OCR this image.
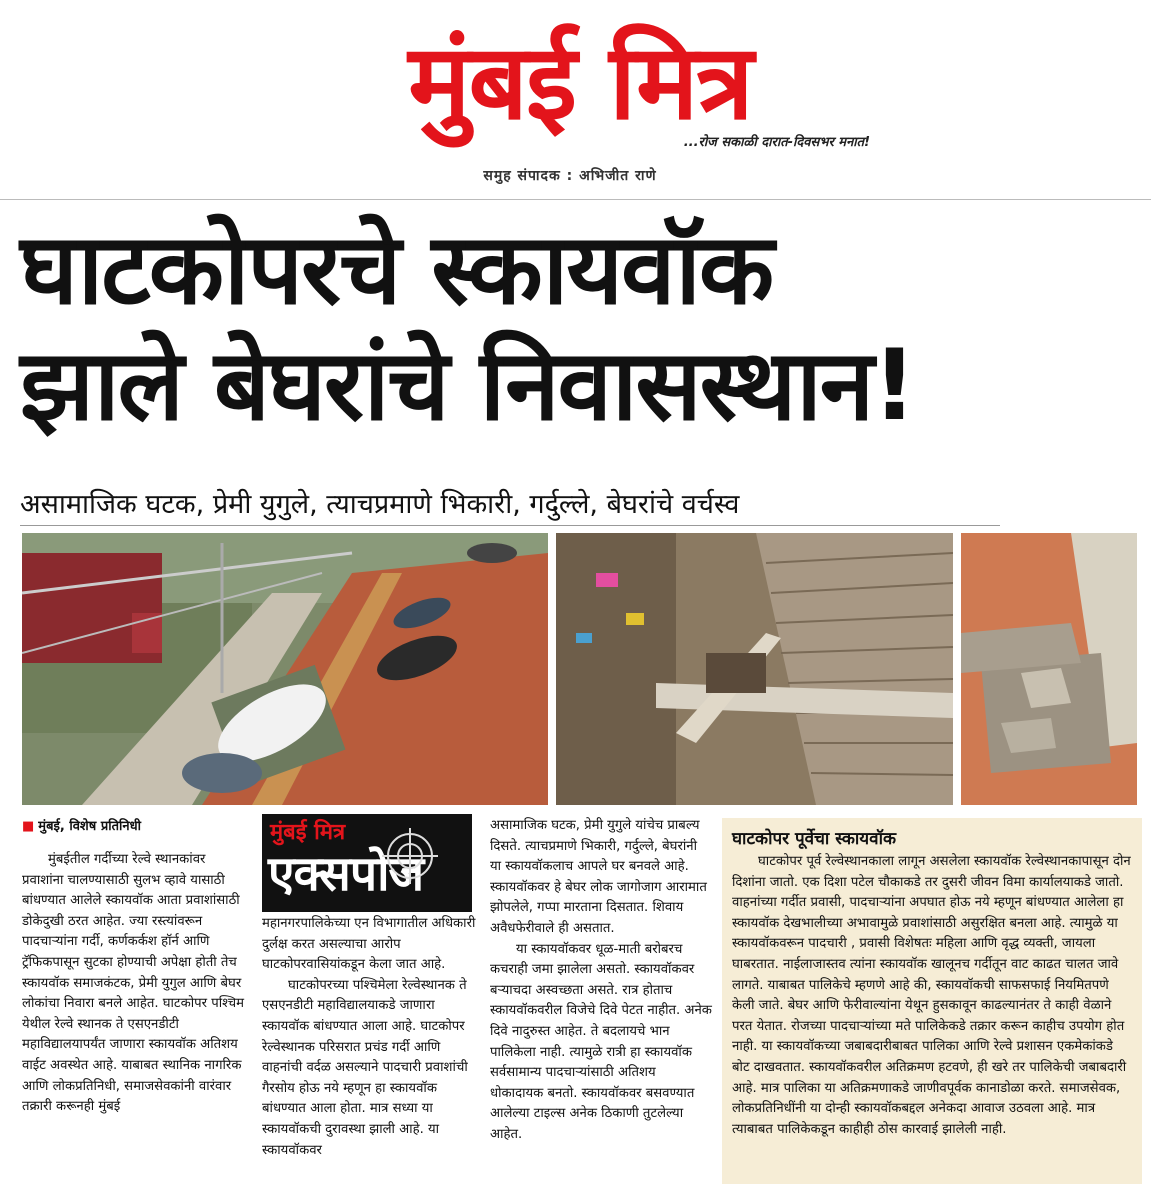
मुंबई मित्र
...रोज सकाळी दारात-दिवसभर मनात!
समुह संपादक : अभिजीत राणे
घाटकोपरचे स्कायवॉक
झाले बेघरांचे निवासस्थान!
असामाजिक घटक, प्रेमी युगुले, त्याचप्रमाणे भिकारी, गर्दुल्ले, बेघरांचे वर्चस्व
■ मुंबई, विशेष प्रतिनिधी

मुंबईतील गर्दीच्या रेल्वे स्थानकांवर प्रवाशांना चालण्यासाठी सुलभ व्हावे यासाठी बांधण्यात आलेले स्कायवॉक आता प्रवाशांसाठी डोकेदुखी ठरत आहेत. ज्या रस्त्यांवरून पादचाऱ्यांना गर्दी, कर्णकर्कश हॉर्न आणि ट्रॅफिकपासून सुटका होण्याची अपेक्षा होती तेच स्कायवॉक समाजकंटक, प्रेमी युगुल आणि बेघर लोकांचा निवारा बनले आहेत. घाटकोपर पश्चिम येथील रेल्वे स्थानक ते एसएनडीटी महाविद्यालयापर्यंत जाणारा स्कायवॉक अतिशय वाईट अवस्थेत आहे. याबाबत स्थानिक नागरिक आणि लोकप्रतिनिधी, समाजसेवकांनी वारंवार तक्रारी करूनही मुंबई

मुंबई मित्र
एक्सपोज

महानगरपालिकेच्या एन विभागातील अधिकारी दुर्लक्ष करत असल्याचा आरोप घाटकोपरवासियांकडून केला जात आहे.

घाटकोपरच्या पश्चिमेला रेल्वेस्थानक ते एसएनडीटी महाविद्यालयाकडे जाणारा स्कायवॉक बांधण्यात आला आहे. घाटकोपर रेल्वेस्थानक परिसरात प्रचंड गर्दी आणि वाहनांची वर्दळ असल्याने पादचारी प्रवाशांची गैरसोय होऊ नये म्हणून हा स्कायवॉक बांधण्यात आला होता. मात्र सध्या या स्कायवॉकची दुरावस्था झाली आहे. या स्कायवॉकवर

असामाजिक घटक, प्रेमी युगुले यांचेच प्राबल्य दिसते. त्याचप्रमाणे भिकारी, गर्दुल्ले, बेघरांनी या स्कायवॉकलाच आपले घर बनवले आहे. स्कायवॉकवर हे बेघर लोक जागोजाग आरामात झोपलेले, गप्पा मारताना दिसतात. शिवाय अवैधफेरीवाले ही असतात.

या स्कायवॉकवर धूळ-माती बरोबरच कचराही जमा झालेला असतो. स्कायवॉकवर बऱ्याचदा अस्वच्छता असते. रात्र होताच स्कायवॉकवरील विजेचे दिवे पेटत नाहीत. अनेक दिवे नादुरुस्त आहेत. ते बदलायचे भान पालिकेला नाही. त्यामुळे रात्री हा स्कायवॉक सर्वसामान्य पादचाऱ्यांसाठी अतिशय धोकादायक बनतो. स्कायवॉकवर बसवण्यात आलेल्या टाइल्स अनेक ठिकाणी तुटलेल्या आहेत.

घाटकोपर पूर्वेचा स्कायवॉक

घाटकोपर पूर्व रेल्वेस्थानकाला लागून असलेला स्कायवॉक रेल्वेस्थानकापासून दोन दिशांना जातो. एक दिशा पटेल चौकाकडे तर दुसरी जीवन विमा कार्यालयाकडे जातो. वाहनांच्या गर्दीत प्रवासी, पादचाऱ्यांना अपघात होऊ नये म्हणून बांधण्यात आलेला हा स्कायवॉक देखभालीच्या अभावामुळे प्रवाशांसाठी असुरक्षित बनला आहे. त्यामुळे या स्कायवॉकवरून पादचारी , प्रवासी विशेषतः महिला आणि वृद्ध व्यक्ती, जायला घाबरतात. नाईलाजास्तव त्यांना स्कायवॉक खालूनच गर्दीतून वाट काढत चालत जावे लागते. याबाबत पालिकेचे म्हणणे आहे की, स्कायवॉकची साफसफाई नियमितपणे केली जाते. बेघर आणि फेरीवाल्यांना येथून हुसकावून काढल्यानंतर ते काही वेळाने परत येतात. रोजच्या पादचाऱ्यांच्या मते पालिकेकडे तक्रार करून काहीच उपयोग होत नाही. या स्कायवॉकच्या जबाबदारीबाबत पालिका आणि रेल्वे प्रशासन एकमेकांकडे बोट दाखवतात. स्कायवॉकवरील अतिक्रमण हटवणे, ही खरे तर पालिकेची जबाबदारी आहे. मात्र पालिका या अतिक्रमणाकडे जाणीवपूर्वक कानाडोळा करते. समाजसेवक, लोकप्रतिनिधींनी या दोन्ही स्कायवॉकबद्दल अनेकदा आवाज उठवला आहे. मात्र त्याबाबत पालिकेकडून काहीही ठोस कारवाई झालेली नाही.
